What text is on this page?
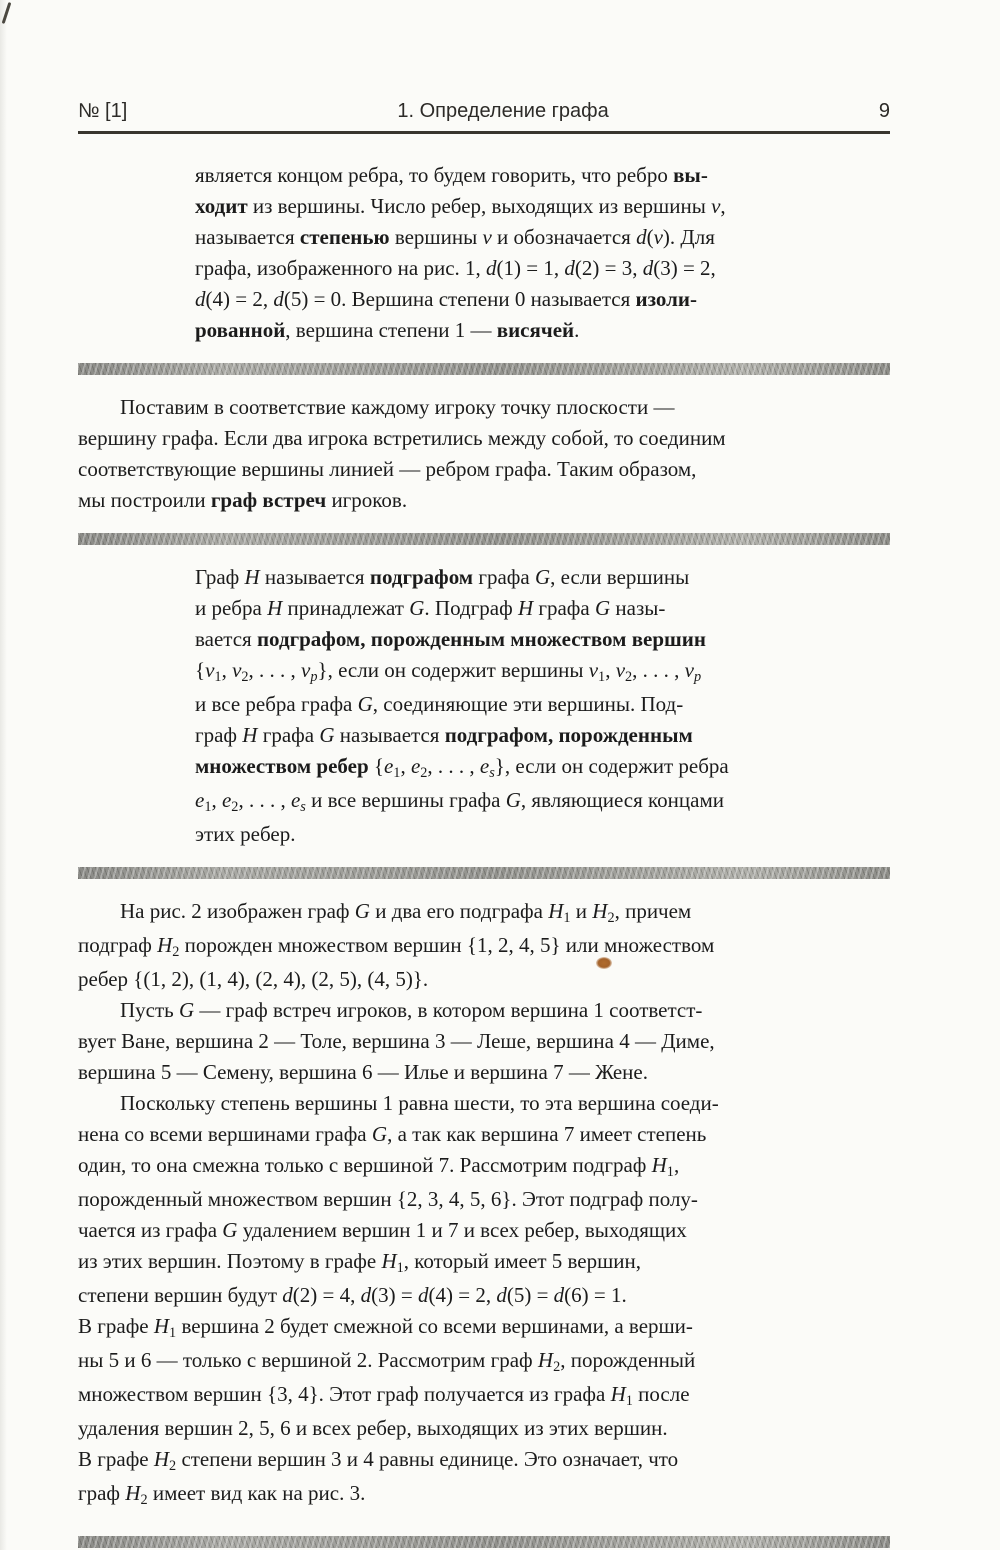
№ [1]	1. Определение графа	9
является концом ребра, то будем говорить, что ребро вы-
ходит из вершины. Число ребер, выходящих из вершины v,
называется степенью вершины v и обозначается d(v). Для
графа, изображенного на рис. 1, d(1) = 1, d(2) = 3, d(3) = 2,
d(4) = 2, d(5) = 0. Вершина степени 0 называется изоли-
рованной, вершина степени 1 — висячей.
Поставим в соответствие каждому игроку точку плоскости —
вершину графа. Если два игрока встретились между собой, то соединим
соответствующие вершины линией — ребром графа. Таким образом,
мы построили граф встреч игроков.
Граф H называется подграфом графа G, если вершины
и ребра H принадлежат G. Подграф H графа G назы-
вается подграфом, порожденным множеством вершин
{v1, v2, . . . , vp}, если он содержит вершины v1, v2, . . . , vp
и все ребра графа G, соединяющие эти вершины. Под-
граф H графа G называется подграфом, порожденным
множеством ребер {e1, e2, . . . , es}, если он содержит ребра
e1, e2, . . . , es и все вершины графа G, являющиеся концами
этих ребер.
На рис. 2 изображен граф G и два его подграфа H1 и H2, причем
подграф H2 порожден множеством вершин {1, 2, 4, 5} или множеством
ребер {(1, 2), (1, 4), (2, 4), (2, 5), (4, 5)}.
Пусть G — граф встреч игроков, в котором вершина 1 соответст-
вует Ване, вершина 2 — Толе, вершина 3 — Леше, вершина 4 — Диме,
вершина 5 — Семену, вершина 6 — Илье и вершина 7 — Жене.
Поскольку степень вершины 1 равна шести, то эта вершина соеди-
нена со всеми вершинами графа G, а так как вершина 7 имеет степень
один, то она смежна только с вершиной 7. Рассмотрим подграф H1,
порожденный множеством вершин {2, 3, 4, 5, 6}. Этот подграф полу-
чается из графа G удалением вершин 1 и 7 и всех ребер, выходящих
из этих вершин. Поэтому в графе H1, который имеет 5 вершин,
степени вершин будут d(2) = 4, d(3) = d(4) = 2, d(5) = d(6) = 1.
В графе H1 вершина 2 будет смежной со всеми вершинами, а верши-
ны 5 и 6 — только с вершиной 2. Рассмотрим граф H2, порожденный
множеством вершин {3, 4}. Этот граф получается из графа H1 после
удаления вершин 2, 5, 6 и всех ребер, выходящих из этих вершин.
В графе H2 степени вершин 3 и 4 равны единице. Это означает, что
граф H2 имеет вид как на рис. 3.
